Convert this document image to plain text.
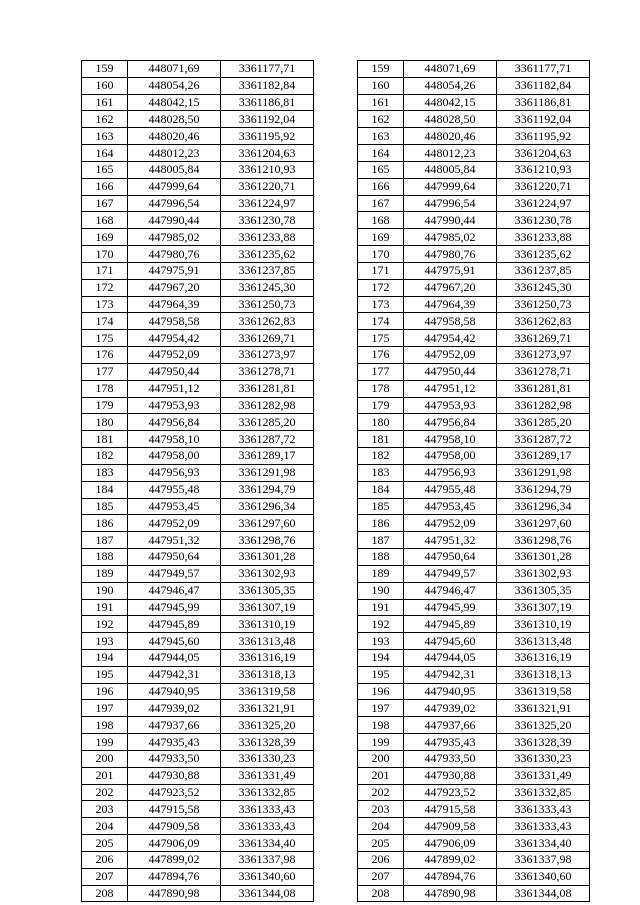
159	448071,69	3361177,71		159	448071,69	3361177,71
160	448054,26	3361182,84		160	448054,26	3361182,84
161	448042,15	3361186,81		161	448042,15	3361186,81
162	448028,50	3361192,04		162	448028,50	3361192,04
163	448020,46	3361195,92		163	448020,46	3361195,92
164	448012,23	3361204,63		164	448012,23	3361204,63
165	448005,84	3361210,93		165	448005,84	3361210,93
166	447999,64	3361220,71		166	447999,64	3361220,71
167	447996,54	3361224,97		167	447996,54	3361224,97
168	447990,44	3361230,78		168	447990,44	3361230,78
169	447985,02	3361233,88		169	447985,02	3361233,88
170	447980,76	3361235,62		170	447980,76	3361235,62
171	447975,91	3361237,85		171	447975,91	3361237,85
172	447967,20	3361245,30		172	447967,20	3361245,30
173	447964,39	3361250,73		173	447964,39	3361250,73
174	447958,58	3361262,83		174	447958,58	3361262,83
175	447954,42	3361269,71		175	447954,42	3361269,71
176	447952,09	3361273,97		176	447952,09	3361273,97
177	447950,44	3361278,71		177	447950,44	3361278,71
178	447951,12	3361281,81		178	447951,12	3361281,81
179	447953,93	3361282,98		179	447953,93	3361282,98
180	447956,84	3361285,20		180	447956,84	3361285,20
181	447958,10	3361287,72		181	447958,10	3361287,72
182	447958,00	3361289,17		182	447958,00	3361289,17
183	447956,93	3361291,98		183	447956,93	3361291,98
184	447955,48	3361294,79		184	447955,48	3361294,79
185	447953,45	3361296,34		185	447953,45	3361296,34
186	447952,09	3361297,60		186	447952,09	3361297,60
187	447951,32	3361298,76		187	447951,32	3361298,76
188	447950,64	3361301,28		188	447950,64	3361301,28
189	447949,57	3361302,93		189	447949,57	3361302,93
190	447946,47	3361305,35		190	447946,47	3361305,35
191	447945,99	3361307,19		191	447945,99	3361307,19
192	447945,89	3361310,19		192	447945,89	3361310,19
193	447945,60	3361313,48		193	447945,60	3361313,48
194	447944,05	3361316,19		194	447944,05	3361316,19
195	447942,31	3361318,13		195	447942,31	3361318,13
196	447940,95	3361319,58		196	447940,95	3361319,58
197	447939,02	3361321,91		197	447939,02	3361321,91
198	447937,66	3361325,20		198	447937,66	3361325,20
199	447935,43	3361328,39		199	447935,43	3361328,39
200	447933,50	3361330,23		200	447933,50	3361330,23
201	447930,88	3361331,49		201	447930,88	3361331,49
202	447923,52	3361332,85		202	447923,52	3361332,85
203	447915,58	3361333,43		203	447915,58	3361333,43
204	447909,58	3361333,43		204	447909,58	3361333,43
205	447906,09	3361334,40		205	447906,09	3361334,40
206	447899,02	3361337,98		206	447899,02	3361337,98
207	447894,76	3361340,60		207	447894,76	3361340,60
208	447890,98	3361344,08		208	447890,98	3361344,08
